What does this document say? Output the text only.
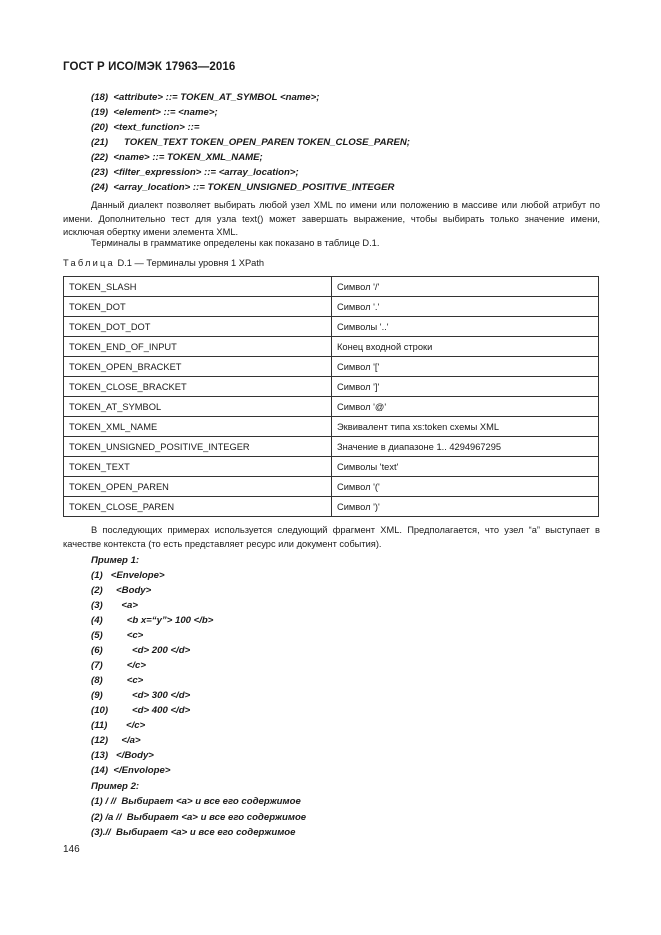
ГОСТ Р ИСО/МЭК 17963—2016
(18)  <attribute> ::= TOKEN_AT_SYMBOL <name>;
(19)  <element> ::= <name>;
(20)  <text_function> ::=
(21)      TOKEN_TEXT TOKEN_OPEN_PAREN TOKEN_CLOSE_PAREN;
(22)  <name> ::= TOKEN_XML_NAME;
(23)  <filter_expression> ::= <array_location>;
(24)  <array_location> ::= TOKEN_UNSIGNED_POSITIVE_INTEGER
Данный диалект позволяет выбирать любой узел XML по имени или положению в массиве или любой атрибут по имени. Дополнительно тест для узла text() может завершать выражение, чтобы выбирать только значение имени, исключая обертку имени элемента XML.
Терминалы в грамматике определены как показано в таблице D.1.
Таблица D.1 — Терминалы уровня 1 XPath
TOKEN_SLASH	Символ '/'
TOKEN_DOT	Символ '.'
TOKEN_DOT_DOT	Символы '..'
TOKEN_END_OF_INPUT	Конец входной строки
TOKEN_OPEN_BRACKET	Символ '['
TOKEN_CLOSE_BRACKET	Символ ']'
TOKEN_AT_SYMBOL	Символ '@'
TOKEN_XML_NAME	Эквивалент типа xs:token схемы XML
TOKEN_UNSIGNED_POSITIVE_INTEGER	Значение в диапазоне 1.. 4294967295
TOKEN_TEXT	Символы 'text'
TOKEN_OPEN_PAREN	Символ '('
TOKEN_CLOSE_PAREN	Символ ')'
В последующих примерах используется следующий фрагмент XML. Предполагается, что узел “a” выступает в качестве контекста (то есть представляет ресурс или документ события).
Пример 1:
(1)   <Envelope>
(2)     <Body>
(3)       <a>
(4)         <b x=“y”> 100 </b>
(5)         <c>
(6)           <d> 200 </d>
(7)         </c>
(8)         <c>
(9)           <d> 300 </d>
(10)         <d> 400 </d>
(11)       </c>
(12)     </a>
(13)   </Body>
(14)  </Envolope>
Пример 2:
(1) / //  Выбирает <a> и все его содержимое
(2) /a //  Выбирает <a> и все его содержимое
(3).//  Выбирает <a> и все его содержимое
146
